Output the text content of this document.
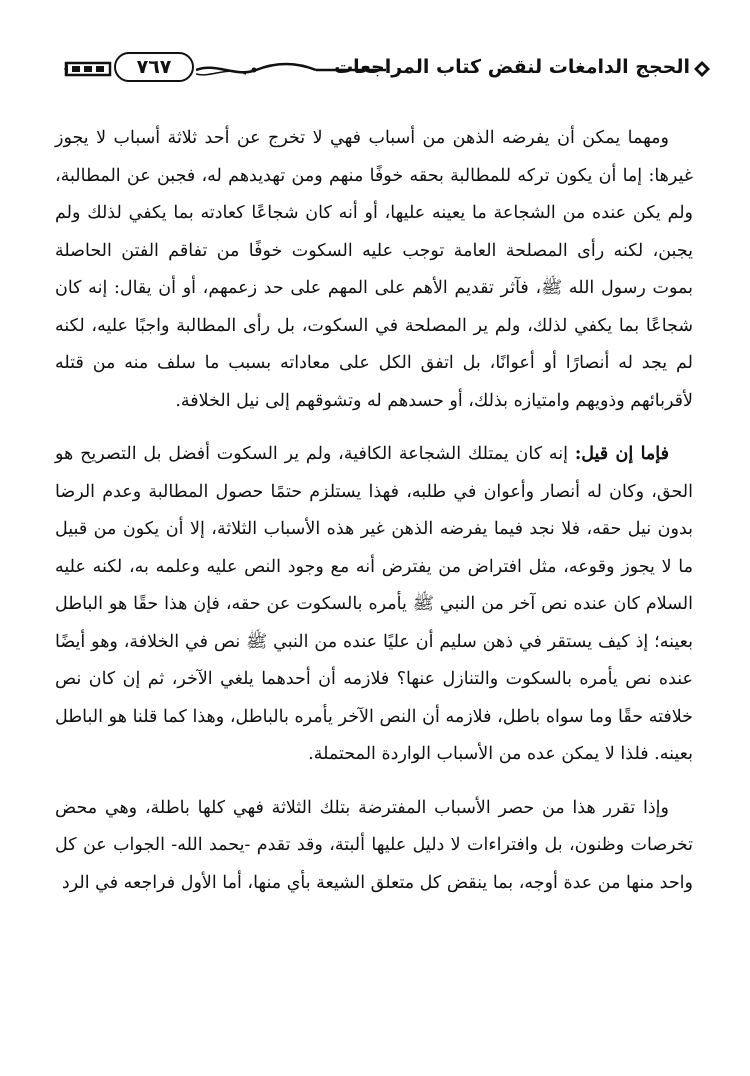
٧٦٧	الحجج الدامغات لنقض كتاب المراجعات

ومهما يمكن أن يفرضه الذهن من أسباب فهي لا تخرج عن أحد ثلاثة أسباب لا يجوز غيرها: إما أن يكون تركه للمطالبة بحقه خوفًا منهم ومن تهديدهم له، فجبن عن المطالبة، ولم يكن عنده من الشجاعة ما يعينه عليها، أو أنه كان شجاعًا كعادته بما يكفي لذلك ولم يجبن، لكنه رأى المصلحة العامة توجب عليه السكوت خوفًا من تفاقم الفتن الحاصلة بموت رسول الله ﷺ، فآثر تقديم الأهم على المهم على حد زعمهم، أو أن يقال: إنه كان شجاعًا بما يكفي لذلك، ولم ير المصلحة في السكوت، بل رأى المطالبة واجبًا عليه، لكنه لم يجد له أنصارًا أو أعوانًا، بل اتفق الكل على معاداته بسبب ما سلف منه من قتله لأقربائهم وذويهم وامتيازه بذلك، أو حسدهم له وتشوقهم إلى نيل الخلافة.

فإما إن قيل: إنه كان يمتلك الشجاعة الكافية، ولم ير السكوت أفضل بل التصريح هو الحق، وكان له أنصار وأعوان في طلبه، فهذا يستلزم حتمًا حصول المطالبة وعدم الرضا بدون نيل حقه، فلا نجد فيما يفرضه الذهن غير هذه الأسباب الثلاثة، إلا أن يكون من قبيل ما لا يجوز وقوعه، مثل افتراض من يفترض أنه مع وجود النص عليه وعلمه به، لكنه عليه السلام كان عنده نص آخر من النبي ﷺ يأمره بالسكوت عن حقه، فإن هذا حقًا هو الباطل بعينه؛ إذ كيف يستقر في ذهن سليم أن عليًا عنده من النبي ﷺ نص في الخلافة، وهو أيضًا عنده نص يأمره بالسكوت والتنازل عنها؟ فلازمه أن أحدهما يلغي الآخر، ثم إن كان نص خلافته حقًا وما سواه باطل، فلازمه أن النص الآخر يأمره بالباطل، وهذا كما قلنا هو الباطل بعينه. فلذا لا يمكن عده من الأسباب الواردة المحتملة.

وإذا تقرر هذا من حصر الأسباب المفترضة بتلك الثلاثة فهي كلها باطلة، وهي محض تخرصات وظنون، بل وافتراءات لا دليل عليها ألبتة، وقد تقدم -يحمد الله- الجواب عن كل واحد منها من عدة أوجه، بما ينقض كل متعلق الشيعة بأي منها، أما الأول فراجعه في الرد
